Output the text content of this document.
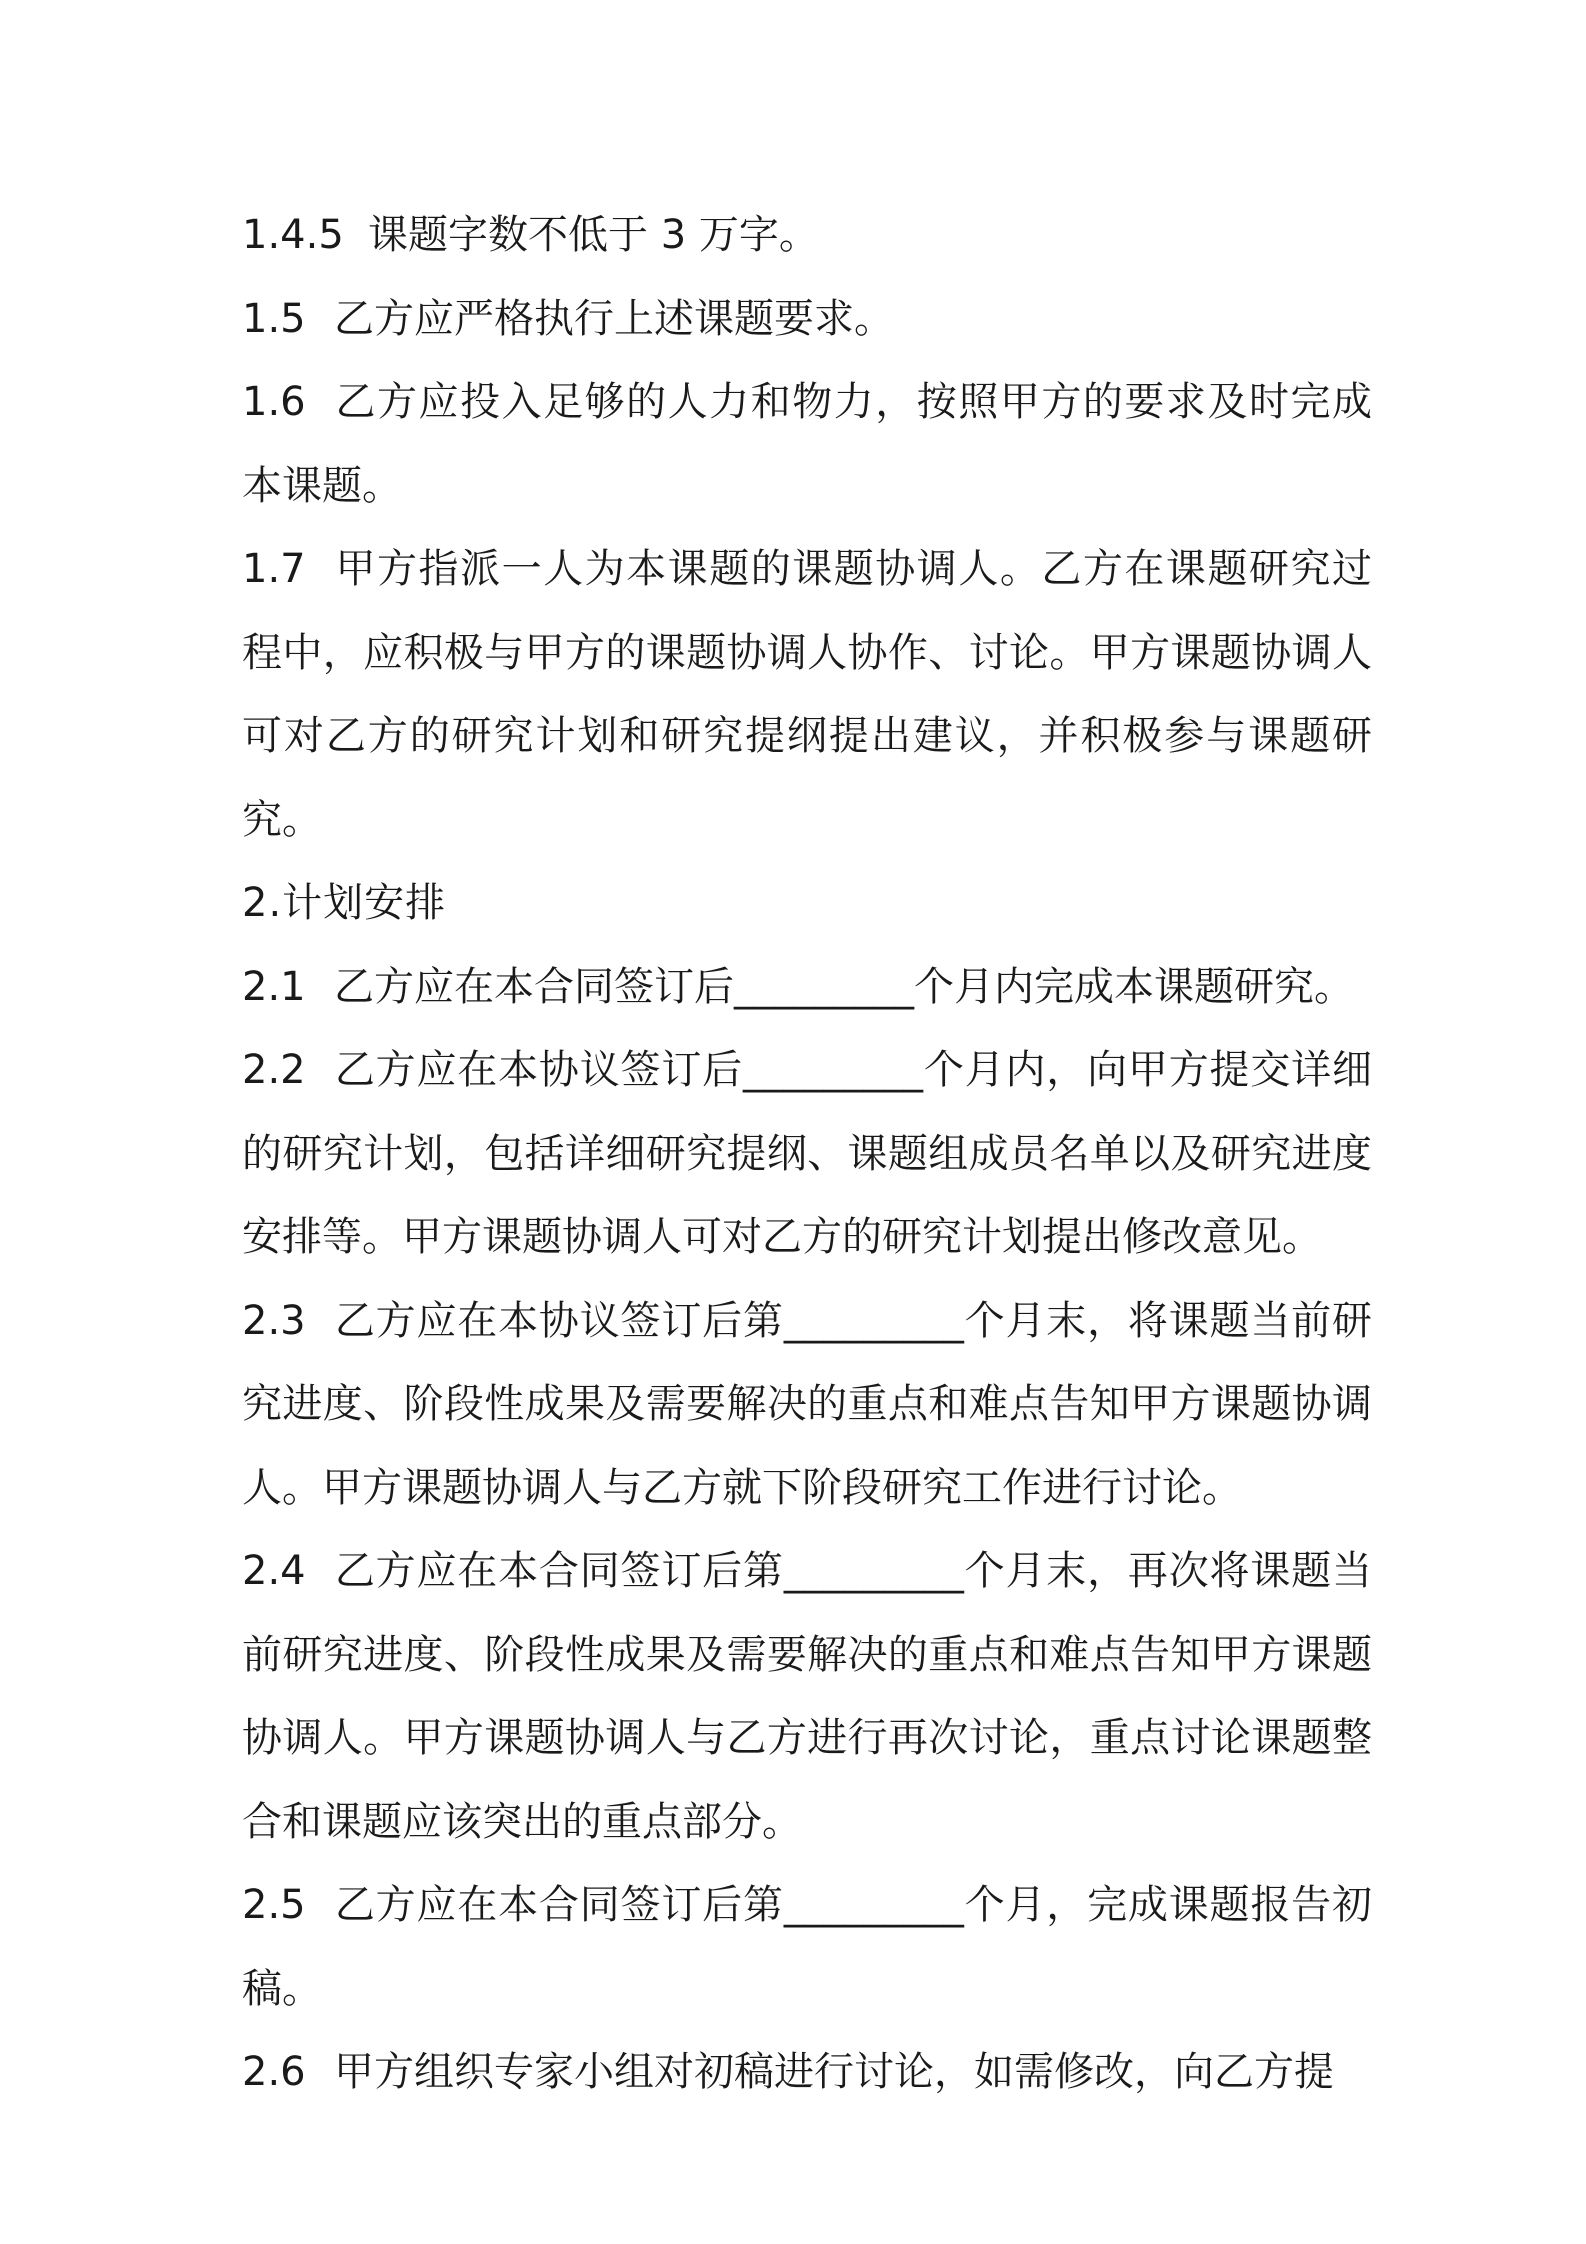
1.4.5 课题字数不低于 3 万字。

1.5 乙方应严格执行上述课题要求。

1.6 乙方应投入足够的人力和物力，按照甲方的要求及时完成本课题。

1.7 甲方指派一人为本课题的课题协调人。乙方在课题研究过程中，应积极与甲方的课题协调人协作、讨论。甲方课题协调人可对乙方的研究计划和研究提纲提出建议，并积极参与课题研究。

2.计划安排

2.1 乙方应在本合同签订后_________个月内完成本课题研究。

2.2 乙方应在本协议签订后_________个月内，向甲方提交详细的研究计划，包括详细研究提纲、课题组成员名单以及研究进度安排等。甲方课题协调人可对乙方的研究计划提出修改意见。

2.3 乙方应在本协议签订后第_________个月末，将课题当前研究进度、阶段性成果及需要解决的重点和难点告知甲方课题协调人。甲方课题协调人与乙方就下阶段研究工作进行讨论。

2.4 乙方应在本合同签订后第_________个月末，再次将课题当前研究进度、阶段性成果及需要解决的重点和难点告知甲方课题协调人。甲方课题协调人与乙方进行再次讨论，重点讨论课题整合和课题应该突出的重点部分。

2.5 乙方应在本合同签订后第_________个月，完成课题报告初稿。

2.6 甲方组织专家小组对初稿进行讨论，如需修改，向乙方提
